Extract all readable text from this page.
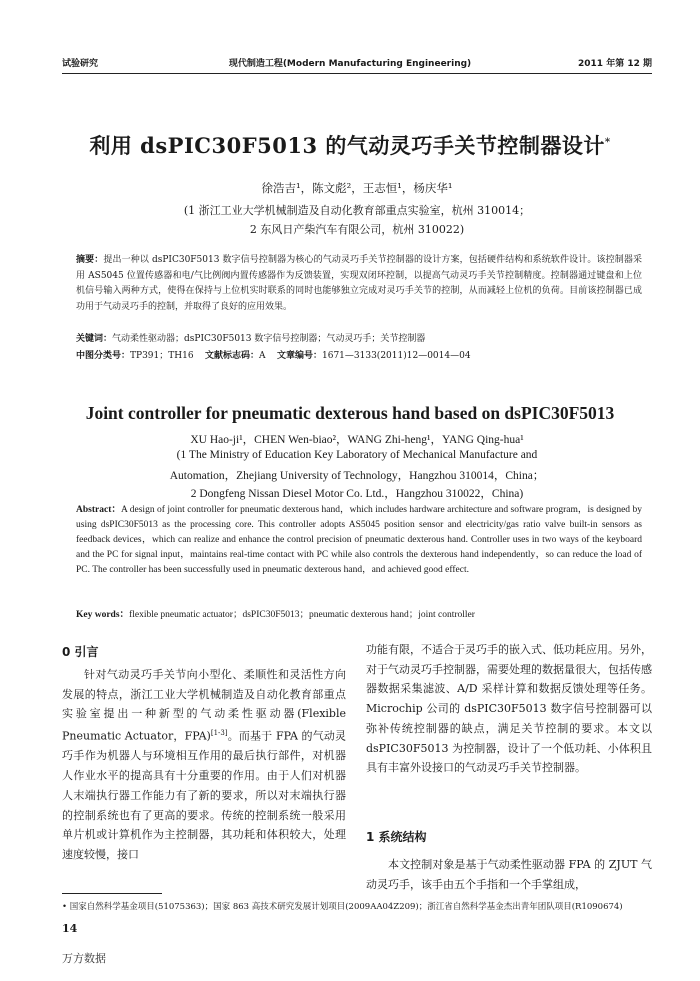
试验研究	现代制造工程(Modern Manufacturing Engineering)	2011 年第 12 期
利用 dsPIC30F5013 的气动灵巧手关节控制器设计*
徐浩吉¹，陈文彪²，王志恒¹，杨庆华¹
(1 浙江工业大学机械制造及自动化教育部重点实验室，杭州 310014；
2 东风日产柴汽车有限公司，杭州 310022)
摘要：提出一种以 dsPIC30F5013 数字信号控制器为核心的气动灵巧手关节控制器的设计方案，包括硬件结构和系统软件设计。该控制器采用 AS5045 位置传感器和电/气比例阀内置传感器作为反馈装置，实现双闭环控制，以提高气动灵巧手关节控制精度。控制器通过键盘和上位机信号输入两种方式，使得在保持与上位机实时联系的同时也能够独立完成对灵巧手关节的控制，从而减轻上位机的负荷。目前该控制器已成功用于气动灵巧手的控制，并取得了良好的应用效果。
关键词：气动柔性驱动器；dsPIC30F5013 数字信号控制器；气动灵巧手；关节控制器
中图分类号：TP391；TH16 文献标志码：A 文章编号：1671—3133(2011)12—0014—04
Joint controller for pneumatic dexterous hand based on dsPIC30F5013
XU Hao-ji¹，CHEN Wen-biao²，WANG Zhi-heng¹，YANG Qing-hua¹
(1 The Ministry of Education Key Laboratory of Mechanical Manufacture and
Automation，Zhejiang University of Technology，Hangzhou 310014，China；
2 Dongfeng Nissan Diesel Motor Co. Ltd.，Hangzhou 310022，China)
Abstract：A design of joint controller for pneumatic dexterous hand，which includes hardware architecture and software program，is designed by using dsPIC30F5013 as the processing core. This controller adopts AS5045 position sensor and electricity/gas ratio valve built-in sensors as feedback devices，which can realize and enhance the control precision of pneumatic dexterous hand. Controller uses in two ways of the keyboard and the PC for signal input，maintains real-time contact with PC while also controls the dexterous hand independently，so can reduce the load of PC. The controller has been successfully used in pneumatic dexterous hand，and achieved good effect.
Key words：flexible pneumatic actuator；dsPIC30F5013；pneumatic dexterous hand；joint controller
0 引言
针对气动灵巧手关节向小型化、柔顺性和灵活性方向发展的特点，浙江工业大学机械制造及自动化教育部重点实验室提出一种新型的气动柔性驱动器(Flexible Pneumatic Actuator，FPA)[1-3]。而基于 FPA 的气动灵巧手作为机器人与环境相互作用的最后执行部件，对机器人作业水平的提高具有十分重要的作用。由于人们对机器人末端执行器工作能力有了新的要求，所以对末端执行器的控制系统也有了更高的要求。传统的控制系统一般采用单片机或计算机作为主控制器，其功耗和体积较大，处理速度较慢，接口
功能有限，不适合于灵巧手的嵌入式、低功耗应用。另外，对于气动灵巧手控制器，需要处理的数据量很大，包括传感器数据采集滤波、A/D 采样计算和数据反馈处理等任务。Microchip 公司的 dsPIC30F5013 数字信号控制器可以弥补传统控制器的缺点，满足关节控制的要求。本文以 dsPIC30F5013 为控制器，设计了一个低功耗、小体积且具有丰富外设接口的气动灵巧手关节控制器。
1 系统结构
本文控制对象是基于气动柔性驱动器 FPA 的 ZJUT 气动灵巧手，该手由五个手指和一个手掌组成，
• 国家自然科学基金项目(51075363)；国家 863 高技术研究发展计划项目(2009AA04Z209)；浙江省自然科学基金杰出青年团队项目(R1090674)
14
万方数据
